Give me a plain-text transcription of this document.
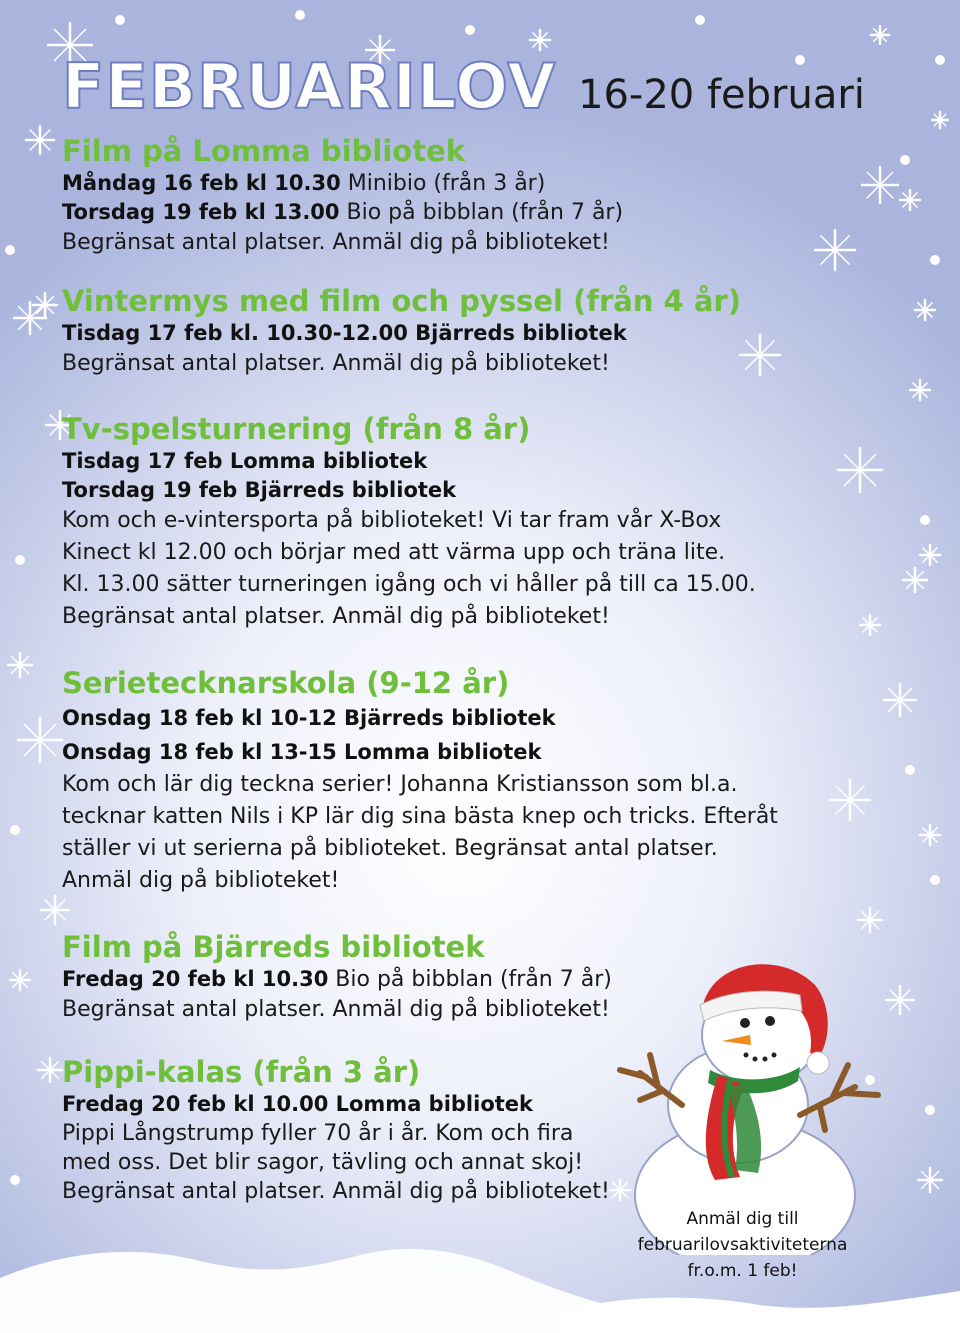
FEBRUARILOV 16-20 februari
Film på Lomma bibliotek
Måndag 16 feb kl 10.30 Minibio (från 3 år)
Torsdag 19 feb kl 13.00 Bio på bibblan (från 7 år)
Begränsat antal platser. Anmäl dig på biblioteket!
Vintermys med film och pyssel (från 4 år)
Tisdag 17 feb kl. 10.30-12.00 Bjärreds bibliotek
Begränsat antal platser. Anmäl dig på biblioteket!
Tv-spelsturnering (från 8 år)
Tisdag 17 feb Lomma bibliotek
Torsdag 19 feb Bjärreds bibliotek
Kom och e-vintersporta på biblioteket! Vi tar fram vår X-Box
Kinect kl 12.00 och börjar med att värma upp och träna lite.
Kl. 13.00 sätter turneringen igång och vi håller på till ca 15.00.
Begränsat antal platser. Anmäl dig på biblioteket!
Serietecknarskola (9-12 år)
Onsdag 18 feb kl 10-12 Bjärreds bibliotek
Onsdag 18 feb kl 13-15 Lomma bibliotek
Kom och lär dig teckna serier! Johanna Kristiansson som bl.a.
tecknar katten Nils i KP lär dig sina bästa knep och tricks. Efteråt
ställer vi ut serierna på biblioteket. Begränsat antal platser.
Anmäl dig på biblioteket!
Film på Bjärreds bibliotek
Fredag 20 feb kl 10.30 Bio på bibblan (från 7 år)
Begränsat antal platser. Anmäl dig på biblioteket!
Pippi-kalas (från 3 år)
Fredag 20 feb kl 10.00 Lomma bibliotek
Pippi Långstrump fyller 70 år i år. Kom och fira
med oss. Det blir sagor, tävling och annat skoj!
Begränsat antal platser. Anmäl dig på biblioteket!
Anmäl dig till
februarilovsaktiviteterna
fr.o.m. 1 feb!
